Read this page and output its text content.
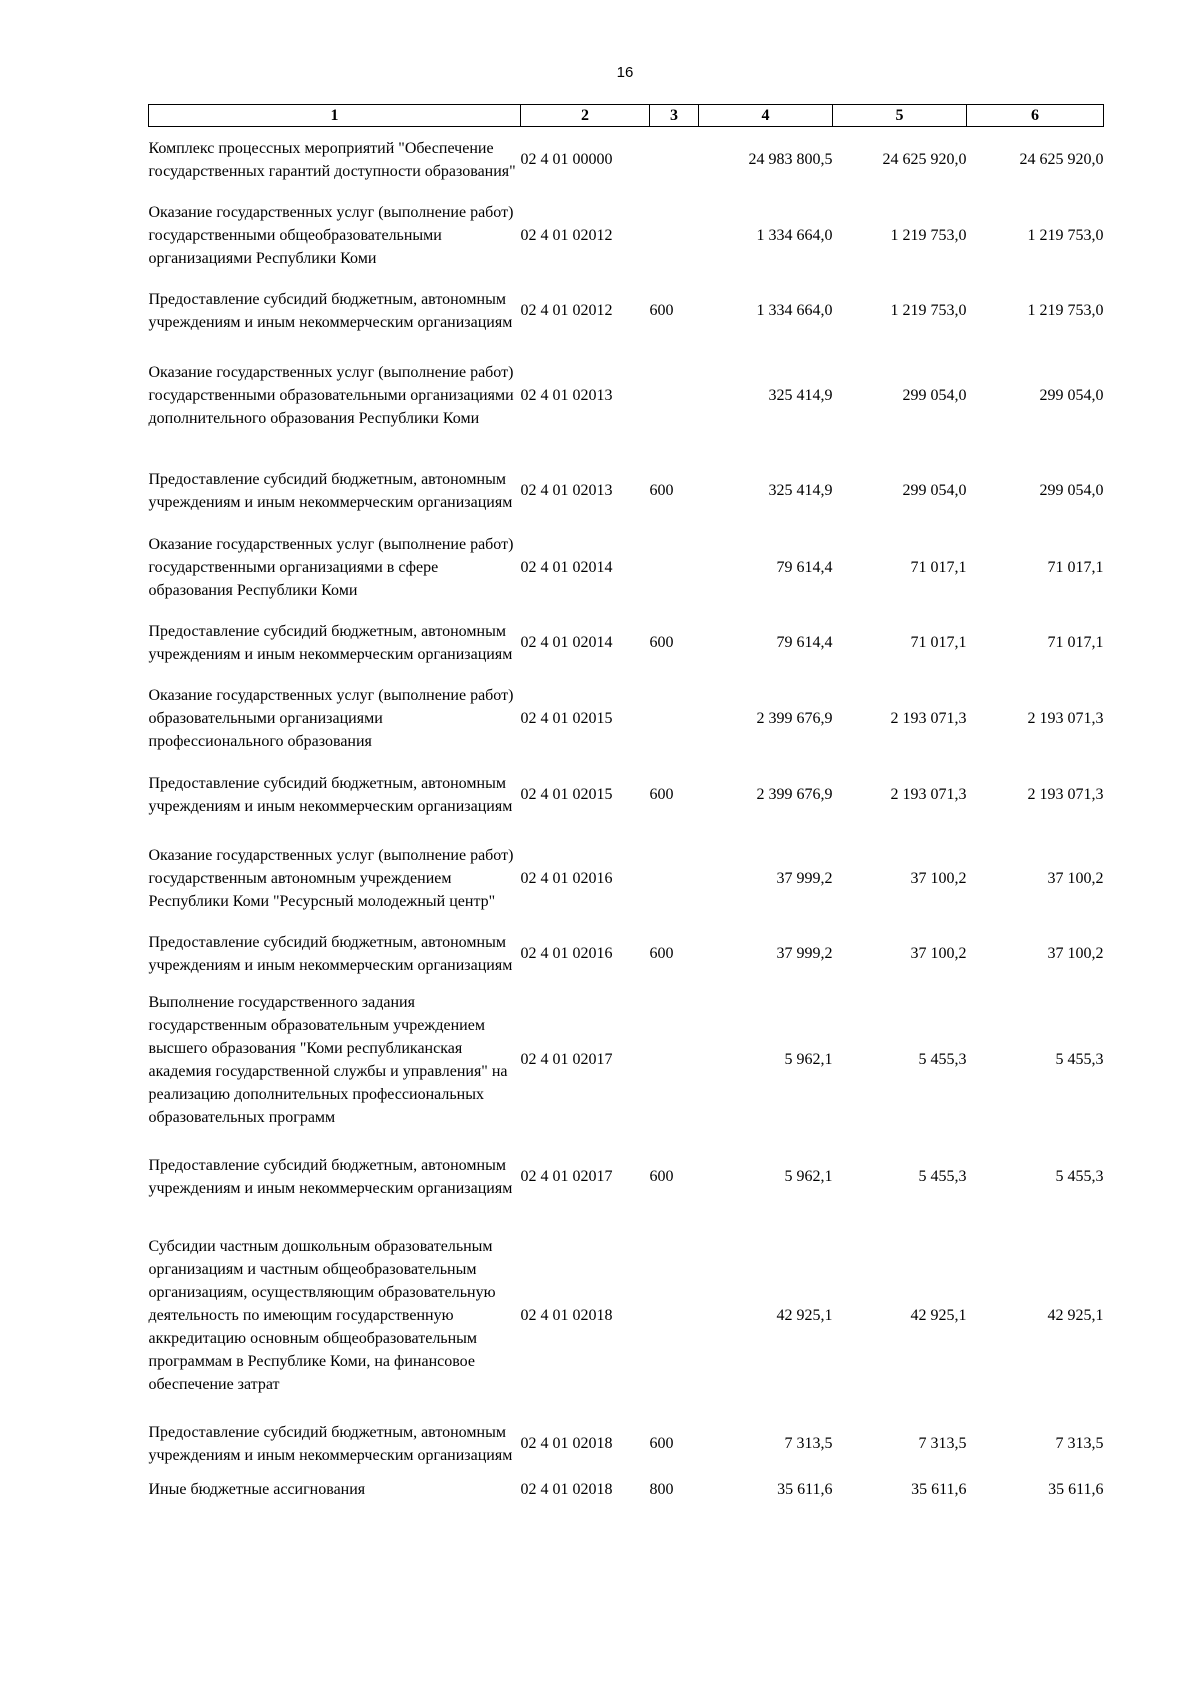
16
1	2	3	4	5	6
Комплекс процессных мероприятий "Обеспечение государственных гарантий доступности образования"	02 4 01 00000		24 983 800,5	24 625 920,0	24 625 920,0
Оказание государственных услуг (выполнение работ) государственными общеобразовательными организациями Республики Коми	02 4 01 02012		1 334 664,0	1 219 753,0	1 219 753,0
Предоставление субсидий бюджетным, автономным учреждениям и иным некоммерческим организациям	02 4 01 02012	600	1 334 664,0	1 219 753,0	1 219 753,0
Оказание государственных услуг (выполнение работ) государственными образовательными организациями дополнительного образования Республики Коми	02 4 01 02013		325 414,9	299 054,0	299 054,0
Предоставление субсидий бюджетным, автономным учреждениям и иным некоммерческим организациям	02 4 01 02013	600	325 414,9	299 054,0	299 054,0
Оказание государственных услуг (выполнение работ) государственными организациями в сфере образования Республики Коми	02 4 01 02014		79 614,4	71 017,1	71 017,1
Предоставление субсидий бюджетным, автономным учреждениям и иным некоммерческим организациям	02 4 01 02014	600	79 614,4	71 017,1	71 017,1
Оказание государственных услуг (выполнение работ) образовательными организациями профессионального образования	02 4 01 02015		2 399 676,9	2 193 071,3	2 193 071,3
Предоставление субсидий бюджетным, автономным учреждениям и иным некоммерческим организациям	02 4 01 02015	600	2 399 676,9	2 193 071,3	2 193 071,3
Оказание государственных услуг (выполнение работ) государственным автономным учреждением Республики Коми "Ресурсный молодежный центр"	02 4 01 02016		37 999,2	37 100,2	37 100,2
Предоставление субсидий бюджетным, автономным учреждениям и иным некоммерческим организациям	02 4 01 02016	600	37 999,2	37 100,2	37 100,2
Выполнение государственного задания государственным образовательным учреждением высшего образования "Коми республиканская академия государственной службы и управления" на реализацию дополнительных профессиональных образовательных программ	02 4 01 02017		5 962,1	5 455,3	5 455,3
Предоставление субсидий бюджетным, автономным учреждениям и иным некоммерческим организациям	02 4 01 02017	600	5 962,1	5 455,3	5 455,3
Субсидии частным дошкольным образовательным организациям и частным общеобразовательным организациям, осуществляющим образовательную деятельность по имеющим государственную аккредитацию основным общеобразовательным программам в Республике Коми, на финансовое обеспечение затрат	02 4 01 02018		42 925,1	42 925,1	42 925,1
Предоставление субсидий бюджетным, автономным учреждениям и иным некоммерческим организациям	02 4 01 02018	600	7 313,5	7 313,5	7 313,5
Иные бюджетные ассигнования	02 4 01 02018	800	35 611,6	35 611,6	35 611,6
